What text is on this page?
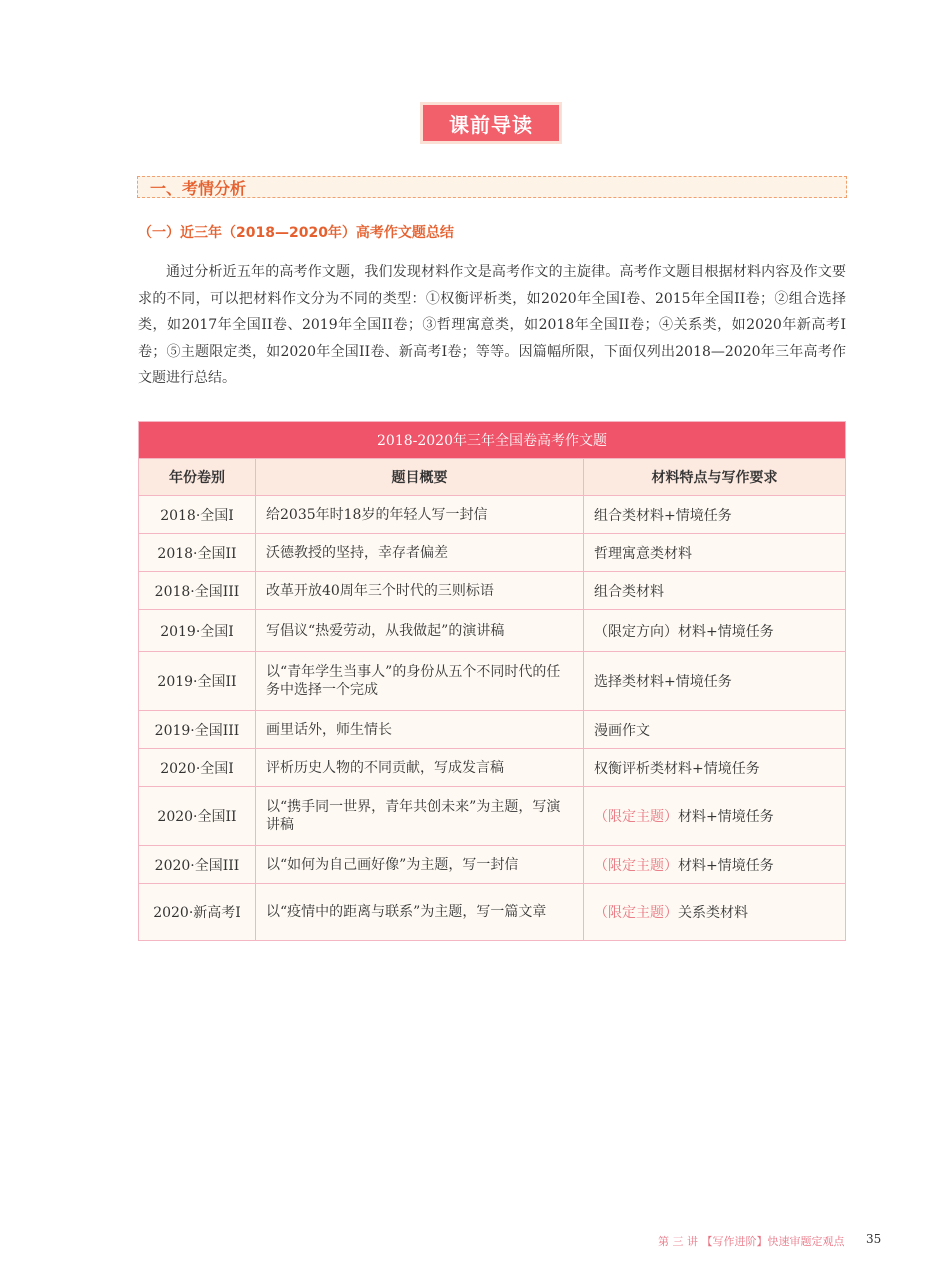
课前导读
一、考情分析
（一）近三年（2018—2020年）高考作文题总结
通过分析近五年的高考作文题，我们发现材料作文是高考作文的主旋律。高考作文题目根据材料内容及作文要求的不同，可以把材料作文分为不同的类型：①权衡评析类，如2020年全国I卷、2015年全国II卷；②组合选择类，如2017年全国II卷、2019年全国II卷；③哲理寓意类，如2018年全国II卷；④关系类，如2020年新高考I卷；⑤主题限定类，如2020年全国II卷、新高考I卷；等等。因篇幅所限，下面仅列出2018—2020年三年高考作文题进行总结。
2018-2020年三年全国卷高考作文题		
年份卷别	题目概要	材料特点与写作要求
2018·全国I	给2035年时18岁的年轻人写一封信	组合类材料+情境任务
2018·全国II	沃德教授的坚持，幸存者偏差	哲理寓意类材料
2018·全国III	改革开放40周年三个时代的三则标语	组合类材料
2019·全国I	写倡议“热爱劳动，从我做起”的演讲稿	（限定方向）材料+情境任务
2019·全国II	以“青年学生当事人”的身份从五个不同时代的任务中选择一个完成	选择类材料+情境任务
2019·全国III	画里话外，师生情长	漫画作文
2020·全国I	评析历史人物的不同贡献，写成发言稿	权衡评析类材料+情境任务
2020·全国II	以“携手同一世界，青年共创未来”为主题，写演讲稿	（限定主题）材料+情境任务
2020·全国III	以“如何为自己画好像”为主题，写一封信	（限定主题）材料+情境任务
2020·新高考I	以“疫情中的距离与联系”为主题，写一篇文章	（限定主题）关系类材料
第 三 讲 【写作进阶】快速审题定观点 35
